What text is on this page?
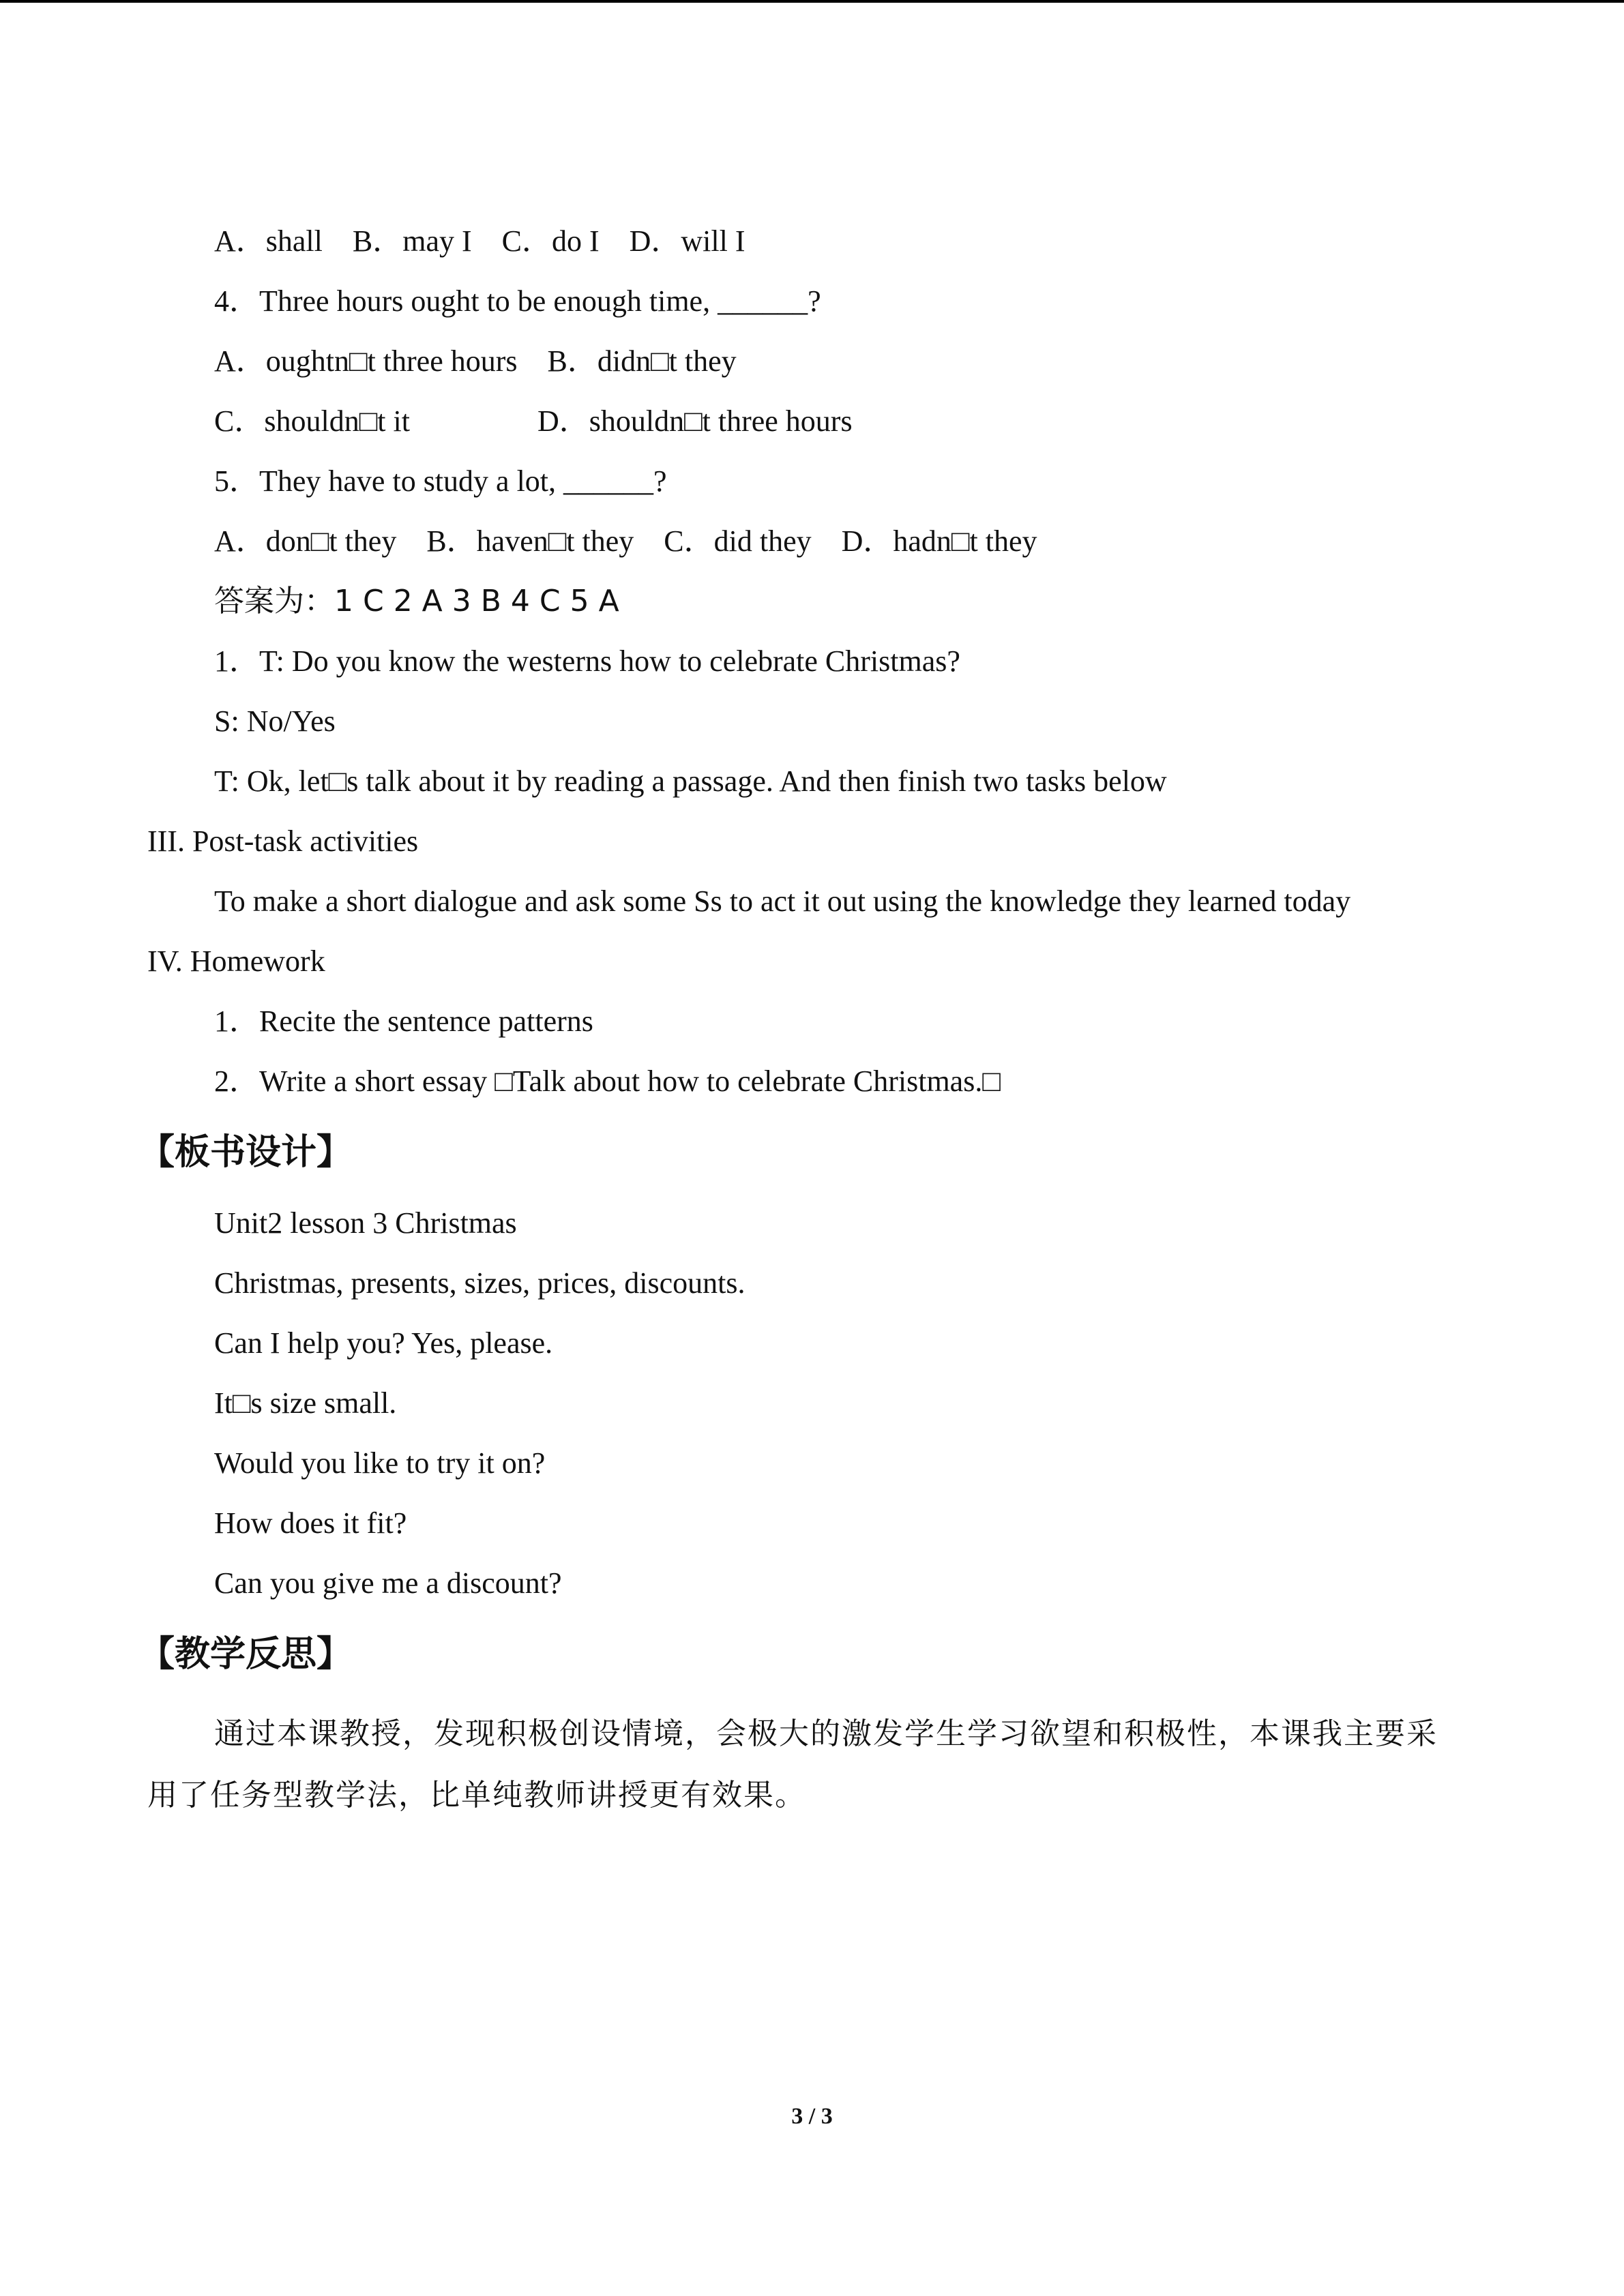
A．shall    B．may I    C．do I    D．will I
4．Three hours ought to be enough time, ______?
A．oughtn□t three hours    B．didn□t they
C．shouldn□t it                 D．shouldn□t three hours
5．They have to study a lot, ______?
A．don□t they    B．haven□t they    C．did they    D．hadn□t they
答案为：1 C 2 A 3 B 4 C 5 A
1．T: Do you know the westerns how to celebrate Christmas?
S: No/Yes
T: Ok, let□s talk about it by reading a passage. And then finish two tasks below
III. Post-task activities
To make a short dialogue and ask some Ss to act it out using the knowledge they learned today
IV. Homework
1．Recite the sentence patterns
2．Write a short essay □Talk about how to celebrate Christmas.□
【板书设计】
Unit2 lesson 3 Christmas
Christmas, presents, sizes, prices, discounts.
Can I help you? Yes, please.
It□s size small.
Would you like to try it on?
How does it fit?
Can you give me a discount?
【教学反思】
通过本课教授，发现积极创设情境，会极大的激发学生学习欲望和积极性，本课我主要采用了任务型教学法，比单纯教师讲授更有效果。
3 / 3
